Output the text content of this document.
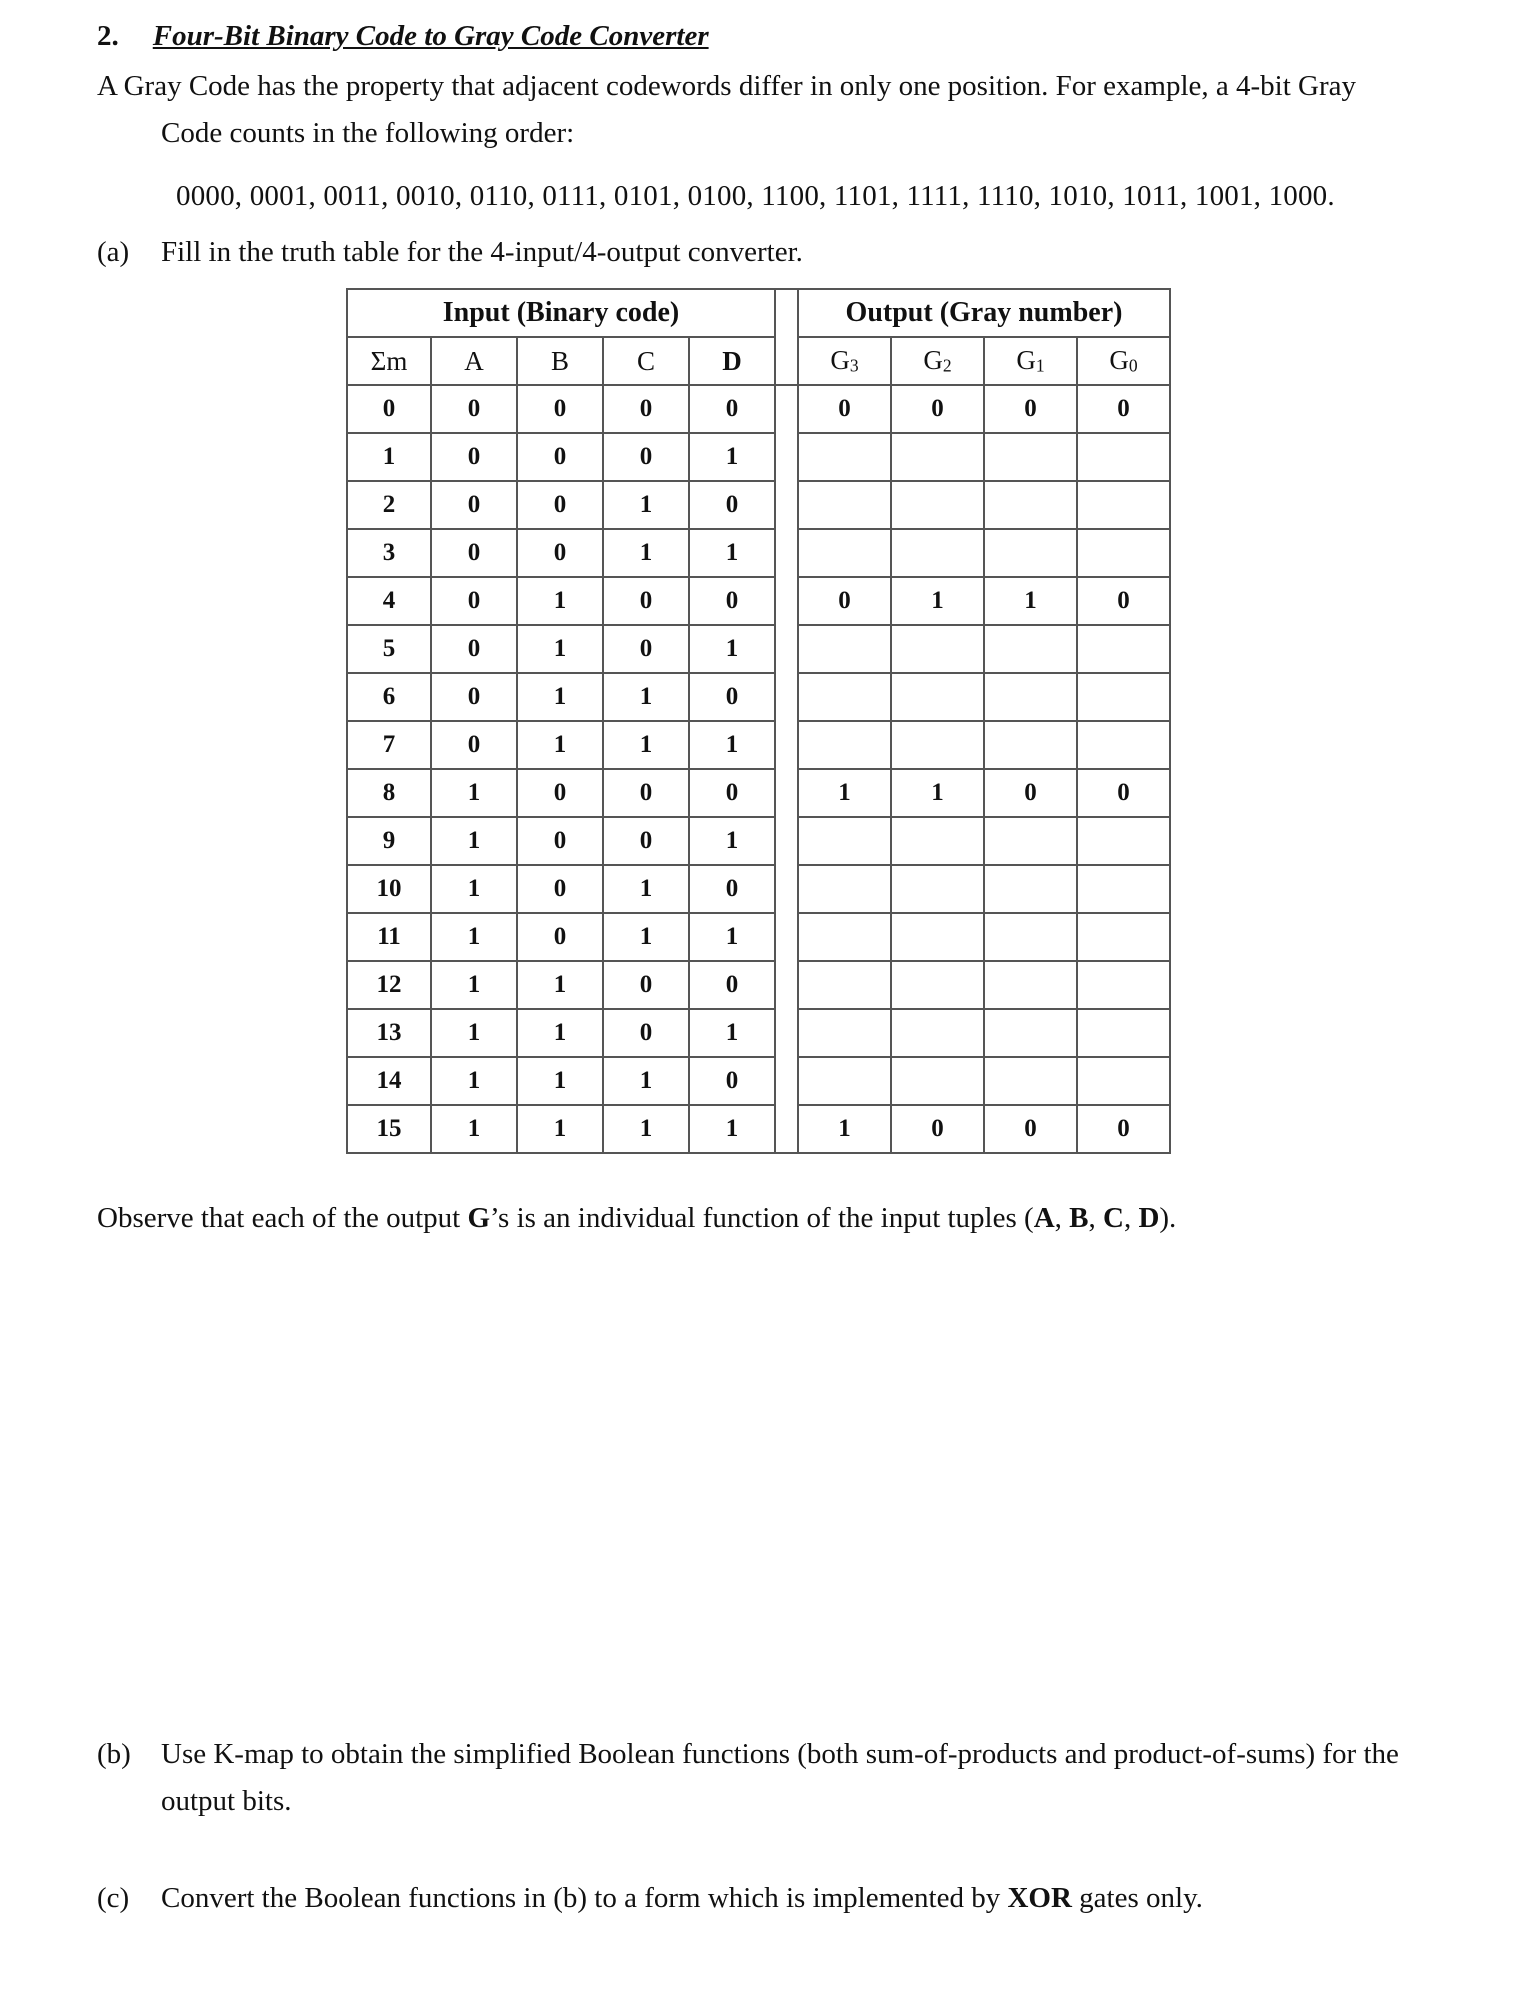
2. Four-Bit Binary Code to Gray Code Converter
A Gray Code has the property that adjacent codewords differ in only one position. For example, a 4-bit Gray
Code counts in the following order:
0000, 0001, 0011, 0010, 0110, 0111, 0101, 0100, 1100, 1101, 1111, 1110, 1010, 1011, 1001, 1000.
(a) Fill in the truth table for the 4-input/4-output converter.
Input (Binary code)						Output (Gray number)			
Σm	A	B	C	D		$G_3$	$G_2$	$G_1$	$G_0$
0	0	0	0	0		0	0	0	0
1	0	0	0	1					
2	0	0	1	0					
3	0	0	1	1					
4	0	1	0	0		0	1	1	0
5	0	1	0	1					
6	0	1	1	0					
7	0	1	1	1					
8	1	0	0	0		1	1	0	0
9	1	0	0	1					
10	1	0	1	0					
11	1	0	1	1					
12	1	1	0	0					
13	1	1	0	1					
14	1	1	1	0					
15	1	1	1	1		1	0	0	0
Observe that each of the output G’s is an individual function of the input tuples (A, B, C, D).
(b) Use K-map to obtain the simplified Boolean functions (both sum-of-products and product-of-sums) for the
output bits.
(c) Convert the Boolean functions in (b) to a form which is implemented by XOR gates only.
